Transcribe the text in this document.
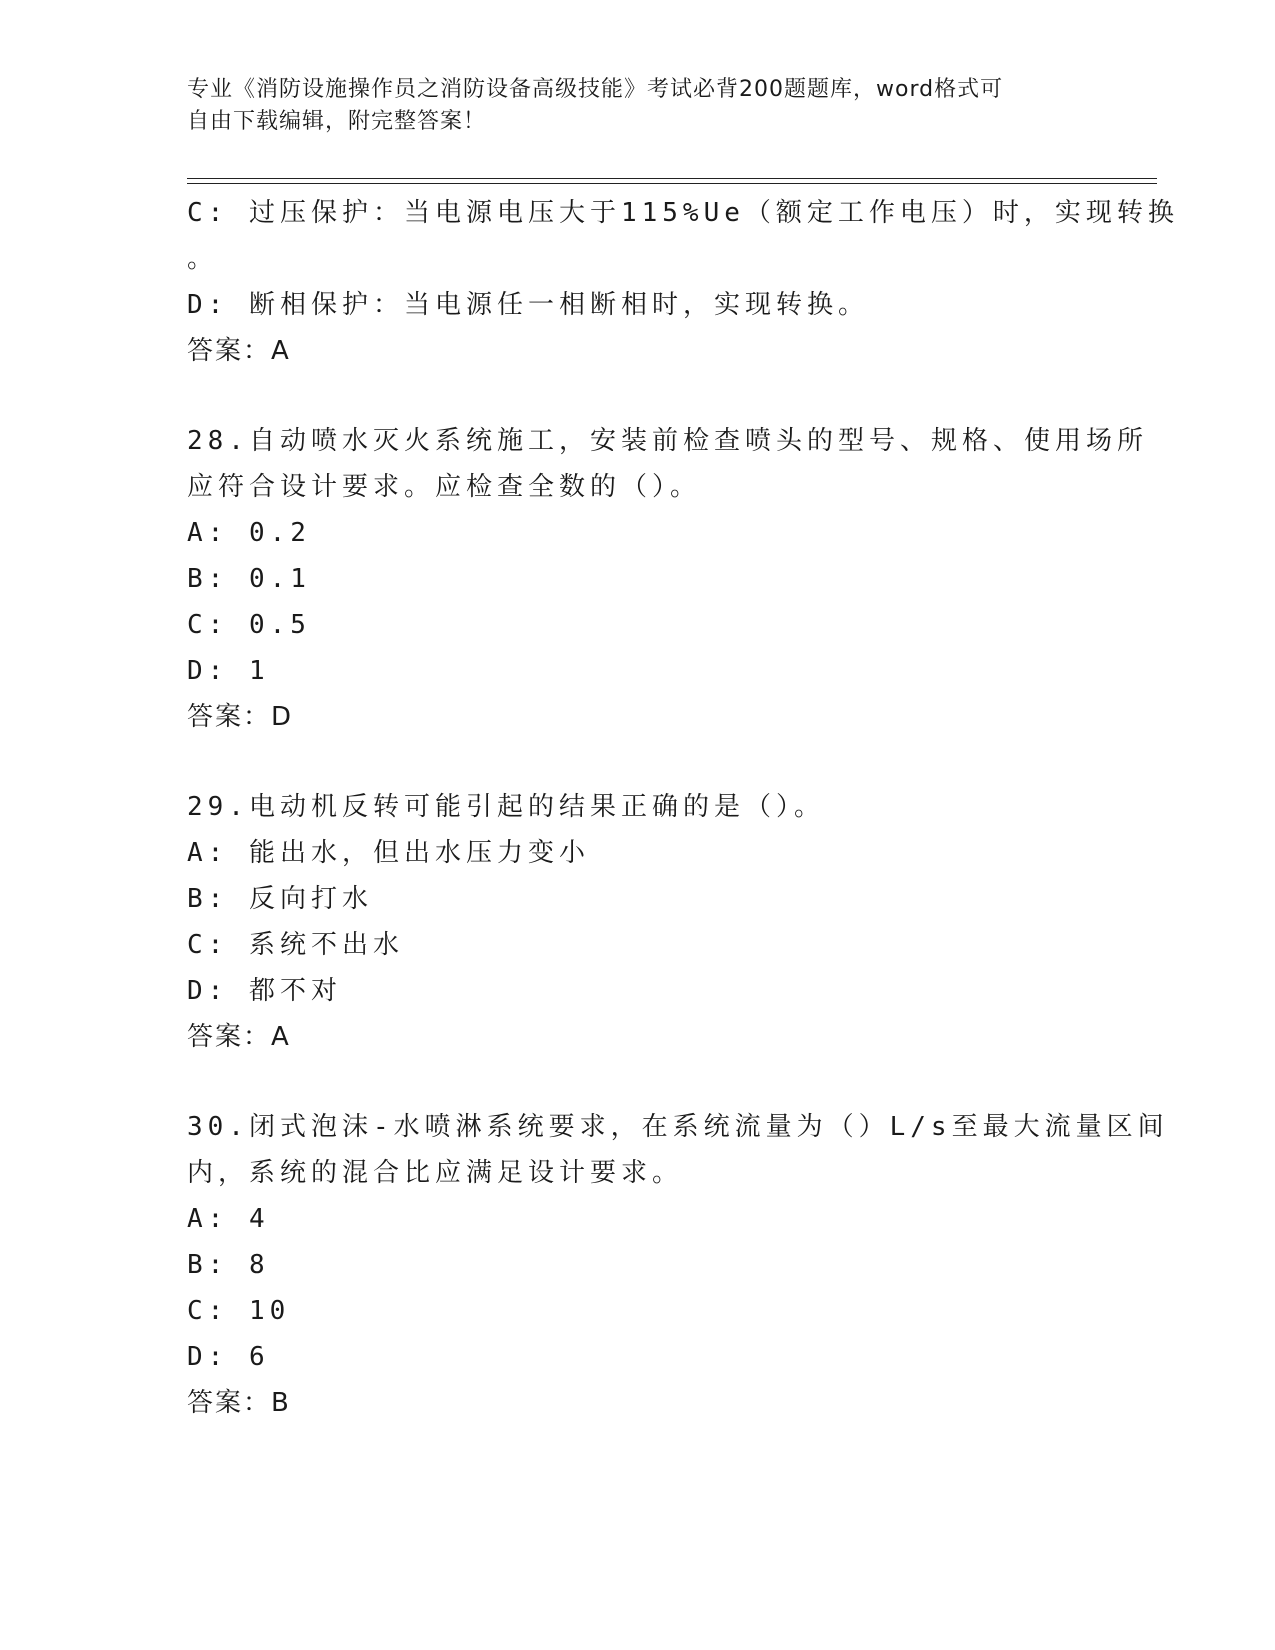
专业《消防设施操作员之消防设备高级技能》考试必背200题题库，word格式可
自由下载编辑，附完整答案！
C: 过压保护：当电源电压大于115%Ue（额定工作电压）时，实现转换
。
D: 断相保护：当电源任一相断相时，实现转换。
答案：A
28.自动喷水灭火系统施工，安装前检查喷头的型号、规格、使用场所
应符合设计要求。应检查全数的（）。
A: 0.2
B: 0.1
C: 0.5
D: 1
答案：D
29.电动机反转可能引起的结果正确的是（）。
A: 能出水，但出水压力变小
B: 反向打水
C: 系统不出水
D: 都不对
答案：A
30.闭式泡沫-水喷淋系统要求，在系统流量为（）L/s至最大流量区间
内，系统的混合比应满足设计要求。
A: 4
B: 8
C: 10
D: 6
答案：B
